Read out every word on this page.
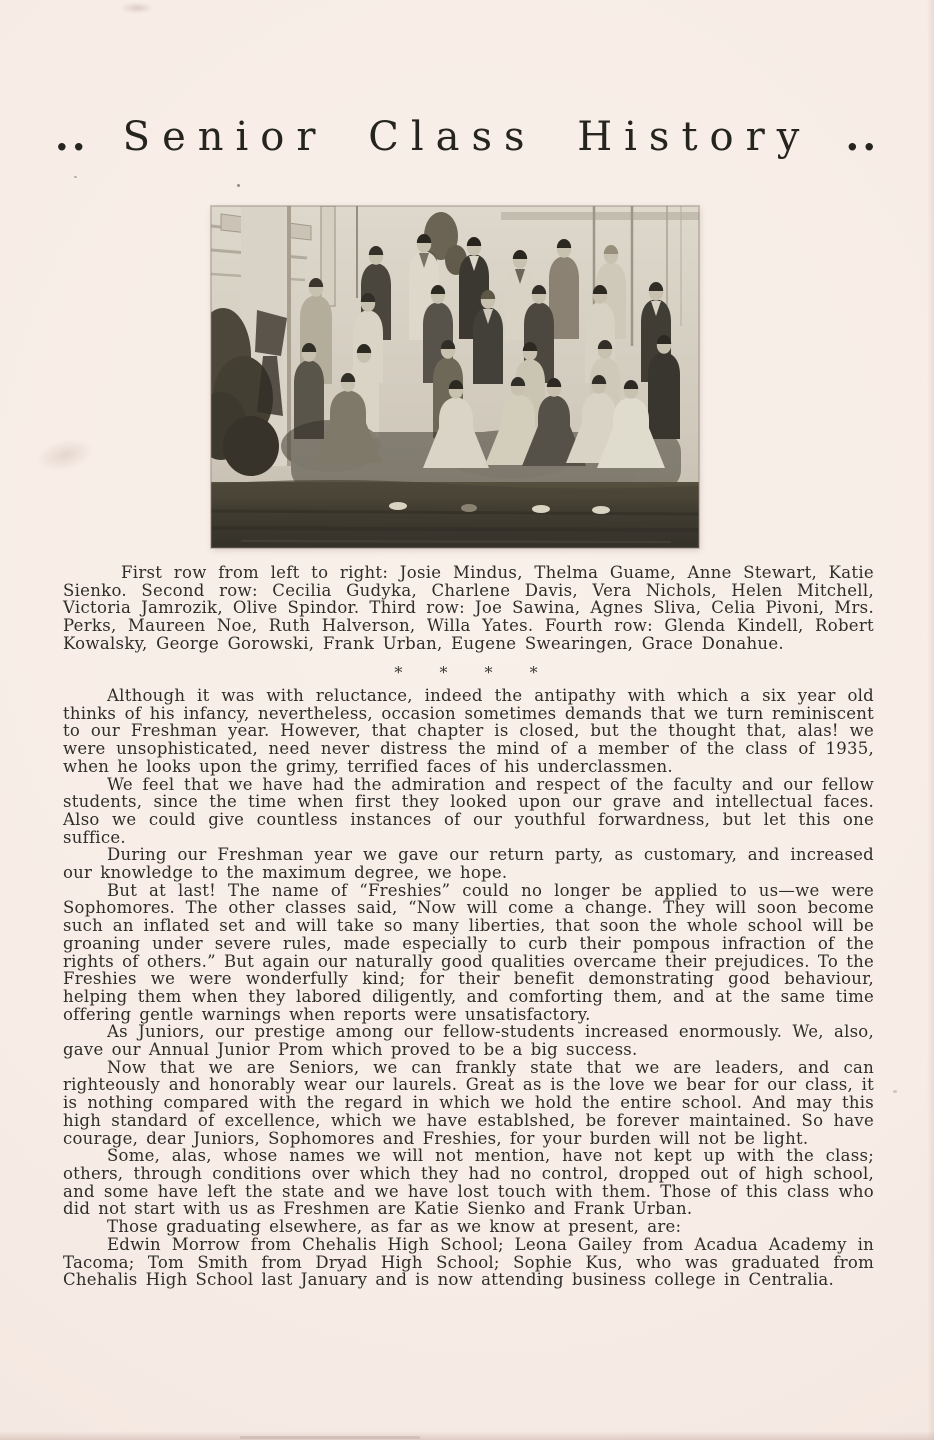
.. Senior Class History ..

First row from left to right: Josie Mindus, Thelma Guame, Anne Stewart, Katie Sienko. Second row: Cecilia Gudyka, Charlene Davis, Vera Nichols, Helen Mitchell, Victoria Jamrozik, Olive Spindor. Third row: Joe Sawina, Agnes Sliva, Celia Pivoni, Mrs. Perks, Maureen Noe, Ruth Halverson, Willa Yates. Fourth row: Glenda Kindell, Robert Kowalsky, George Gorowski, Frank Urban, Eugene Swearingen, Grace Donahue.

* * * *

Although it was with reluctance, indeed the antipathy with which a six year old thinks of his infancy, nevertheless, occasion sometimes demands that we turn reminiscent to our Freshman year. However, that chapter is closed, but the thought that, alas! we were unsophisticated, need never distress the mind of a member of the class of 1935, when he looks upon the grimy, terrified faces of his underclassmen.

We feel that we have had the admiration and respect of the faculty and our fellow students, since the time when first they looked upon our grave and intellectual faces. Also we could give countless instances of our youthful forwardness, but let this one suffice.

During our Freshman year we gave our return party, as customary, and increased our knowledge to the maximum degree, we hope.

But at last! The name of “Freshies” could no longer be applied to us—we were Sophomores. The other classes said, “Now will come a change. They will soon become such an inflated set and will take so many liberties, that soon the whole school will be groaning under severe rules, made especially to curb their pompous infraction of the rights of others.” But again our naturally good qualities overcame their prejudices. To the Freshies we were wonderfully kind; for their benefit demonstrating good behaviour, helping them when they labored diligently, and comforting them, and at the same time offering gentle warnings when reports were unsatisfactory.

As Juniors, our prestige among our fellow-students increased enormously. We, also, gave our Annual Junior Prom which proved to be a big success.

Now that we are Seniors, we can frankly state that we are leaders, and can righteously and honorably wear our laurels. Great as is the love we bear for our class, it is nothing compared with the regard in which we hold the entire school. And may this high standard of excellence, which we have establshed, be forever maintained. So have courage, dear Juniors, Sophomores and Freshies, for your burden will not be light.

Some, alas, whose names we will not mention, have not kept up with the class; others, through conditions over which they had no control, dropped out of high school, and some have left the state and we have lost touch with them. Those of this class who did not start with us as Freshmen are Katie Sienko and Frank Urban.

Those graduating elsewhere, as far as we know at present, are:

Edwin Morrow from Chehalis High School; Leona Gailey from Acadua Academy in Tacoma; Tom Smith from Dryad High School; Sophie Kus, who was graduated from Chehalis High School last January and is now attending business college in Centralia.
